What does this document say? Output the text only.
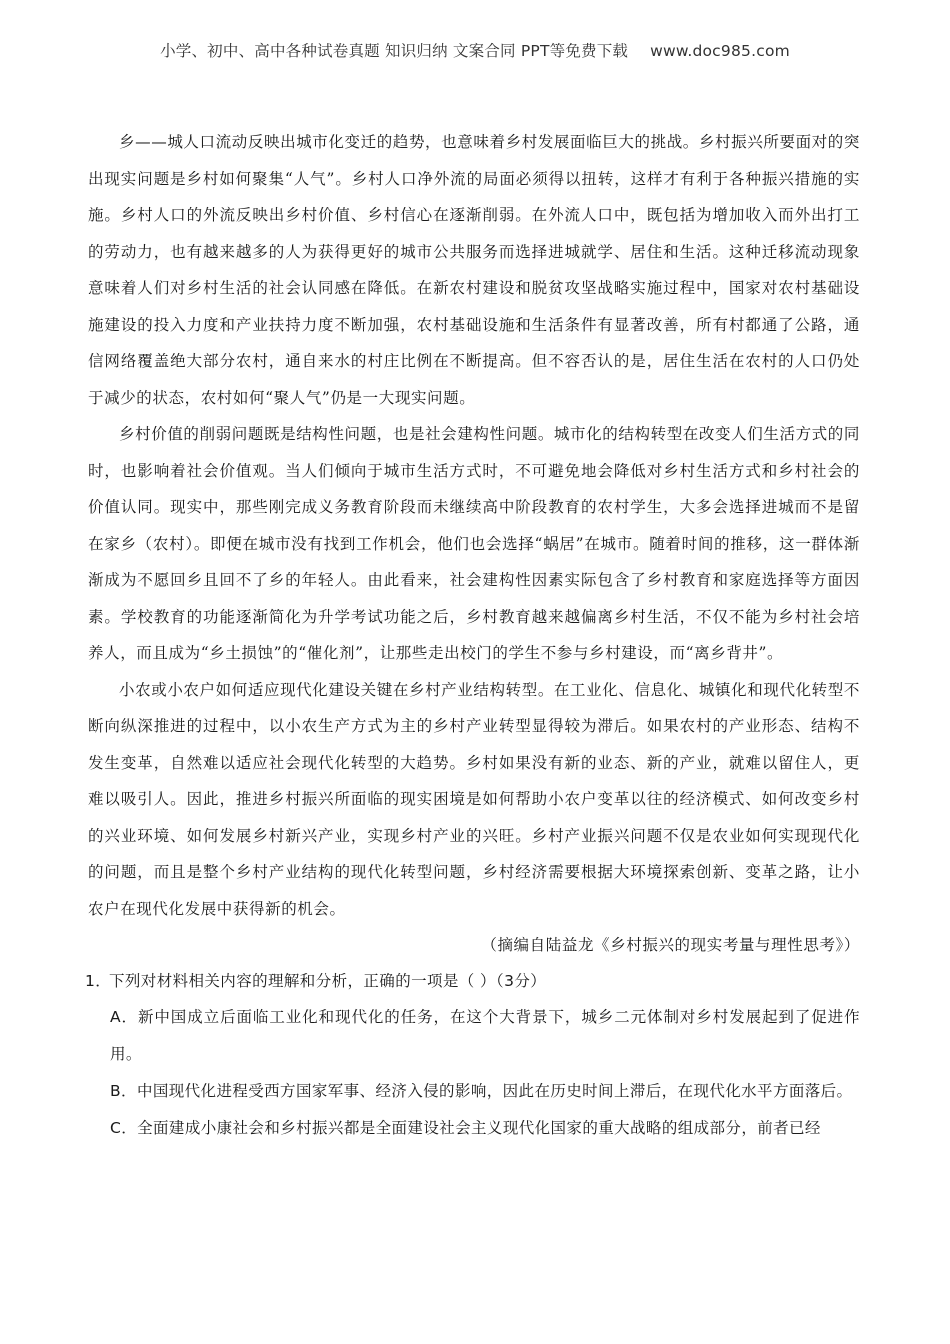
小学、初中、高中各种试卷真题 知识归纳 文案合同 PPT等免费下载 www.doc985.com

乡——城人口流动反映出城市化变迁的趋势，也意味着乡村发展面临巨大的挑战。乡村振兴所要面对的突出现实问题是乡村如何聚集“人气”。乡村人口净外流的局面必须得以扭转，这样才有利于各种振兴措施的实施。乡村人口的外流反映出乡村价值、乡村信心在逐渐削弱。在外流人口中，既包括为增加收入而外出打工的劳动力，也有越来越多的人为获得更好的城市公共服务而选择进城就学、居住和生活。这种迁移流动现象意味着人们对乡村生活的社会认同感在降低。在新农村建设和脱贫攻坚战略实施过程中，国家对农村基础设施建设的投入力度和产业扶持力度不断加强，农村基础设施和生活条件有显著改善，所有村都通了公路，通信网络覆盖绝大部分农村，通自来水的村庄比例在不断提高。但不容否认的是，居住生活在农村的人口仍处于减少的状态，农村如何“聚人气”仍是一大现实问题。

乡村价值的削弱问题既是结构性问题，也是社会建构性问题。城市化的结构转型在改变人们生活方式的同时，也影响着社会价值观。当人们倾向于城市生活方式时，不可避免地会降低对乡村生活方式和乡村社会的价值认同。现实中，那些刚完成义务教育阶段而未继续高中阶段教育的农村学生，大多会选择进城而不是留在家乡（农村）。即便在城市没有找到工作机会，他们也会选择“蜗居”在城市。随着时间的推移，这一群体渐渐成为不愿回乡且回不了乡的年轻人。由此看来，社会建构性因素实际包含了乡村教育和家庭选择等方面因素。学校教育的功能逐渐简化为升学考试功能之后，乡村教育越来越偏离乡村生活，不仅不能为乡村社会培养人，而且成为“乡土损蚀”的“催化剂”，让那些走出校门的学生不参与乡村建设，而“离乡背井”。

小农或小农户如何适应现代化建设关键在乡村产业结构转型。在工业化、信息化、城镇化和现代化转型不断向纵深推进的过程中，以小农生产方式为主的乡村产业转型显得较为滞后。如果农村的产业形态、结构不发生变革，自然难以适应社会现代化转型的大趋势。乡村如果没有新的业态、新的产业，就难以留住人，更难以吸引人。因此，推进乡村振兴所面临的现实困境是如何帮助小农户变革以往的经济模式、如何改变乡村的兴业环境、如何发展乡村新兴产业，实现乡村产业的兴旺。乡村产业振兴问题不仅是农业如何实现现代化的问题，而且是整个乡村产业结构的现代化转型问题，乡村经济需要根据大环境探索创新、变革之路，让小农户在现代化发展中获得新的机会。

（摘编自陆益龙《乡村振兴的现实考量与理性思考》）

1．下列对材料相关内容的理解和分析，正确的一项是（ ）（3分）

A．新中国成立后面临工业化和现代化的任务，在这个大背景下，城乡二元体制对乡村发展起到了促进作用。

B．中国现代化进程受西方国家军事、经济入侵的影响，因此在历史时间上滞后，在现代化水平方面落后。

C．全面建成小康社会和乡村振兴都是全面建设社会主义现代化国家的重大战略的组成部分，前者已经
